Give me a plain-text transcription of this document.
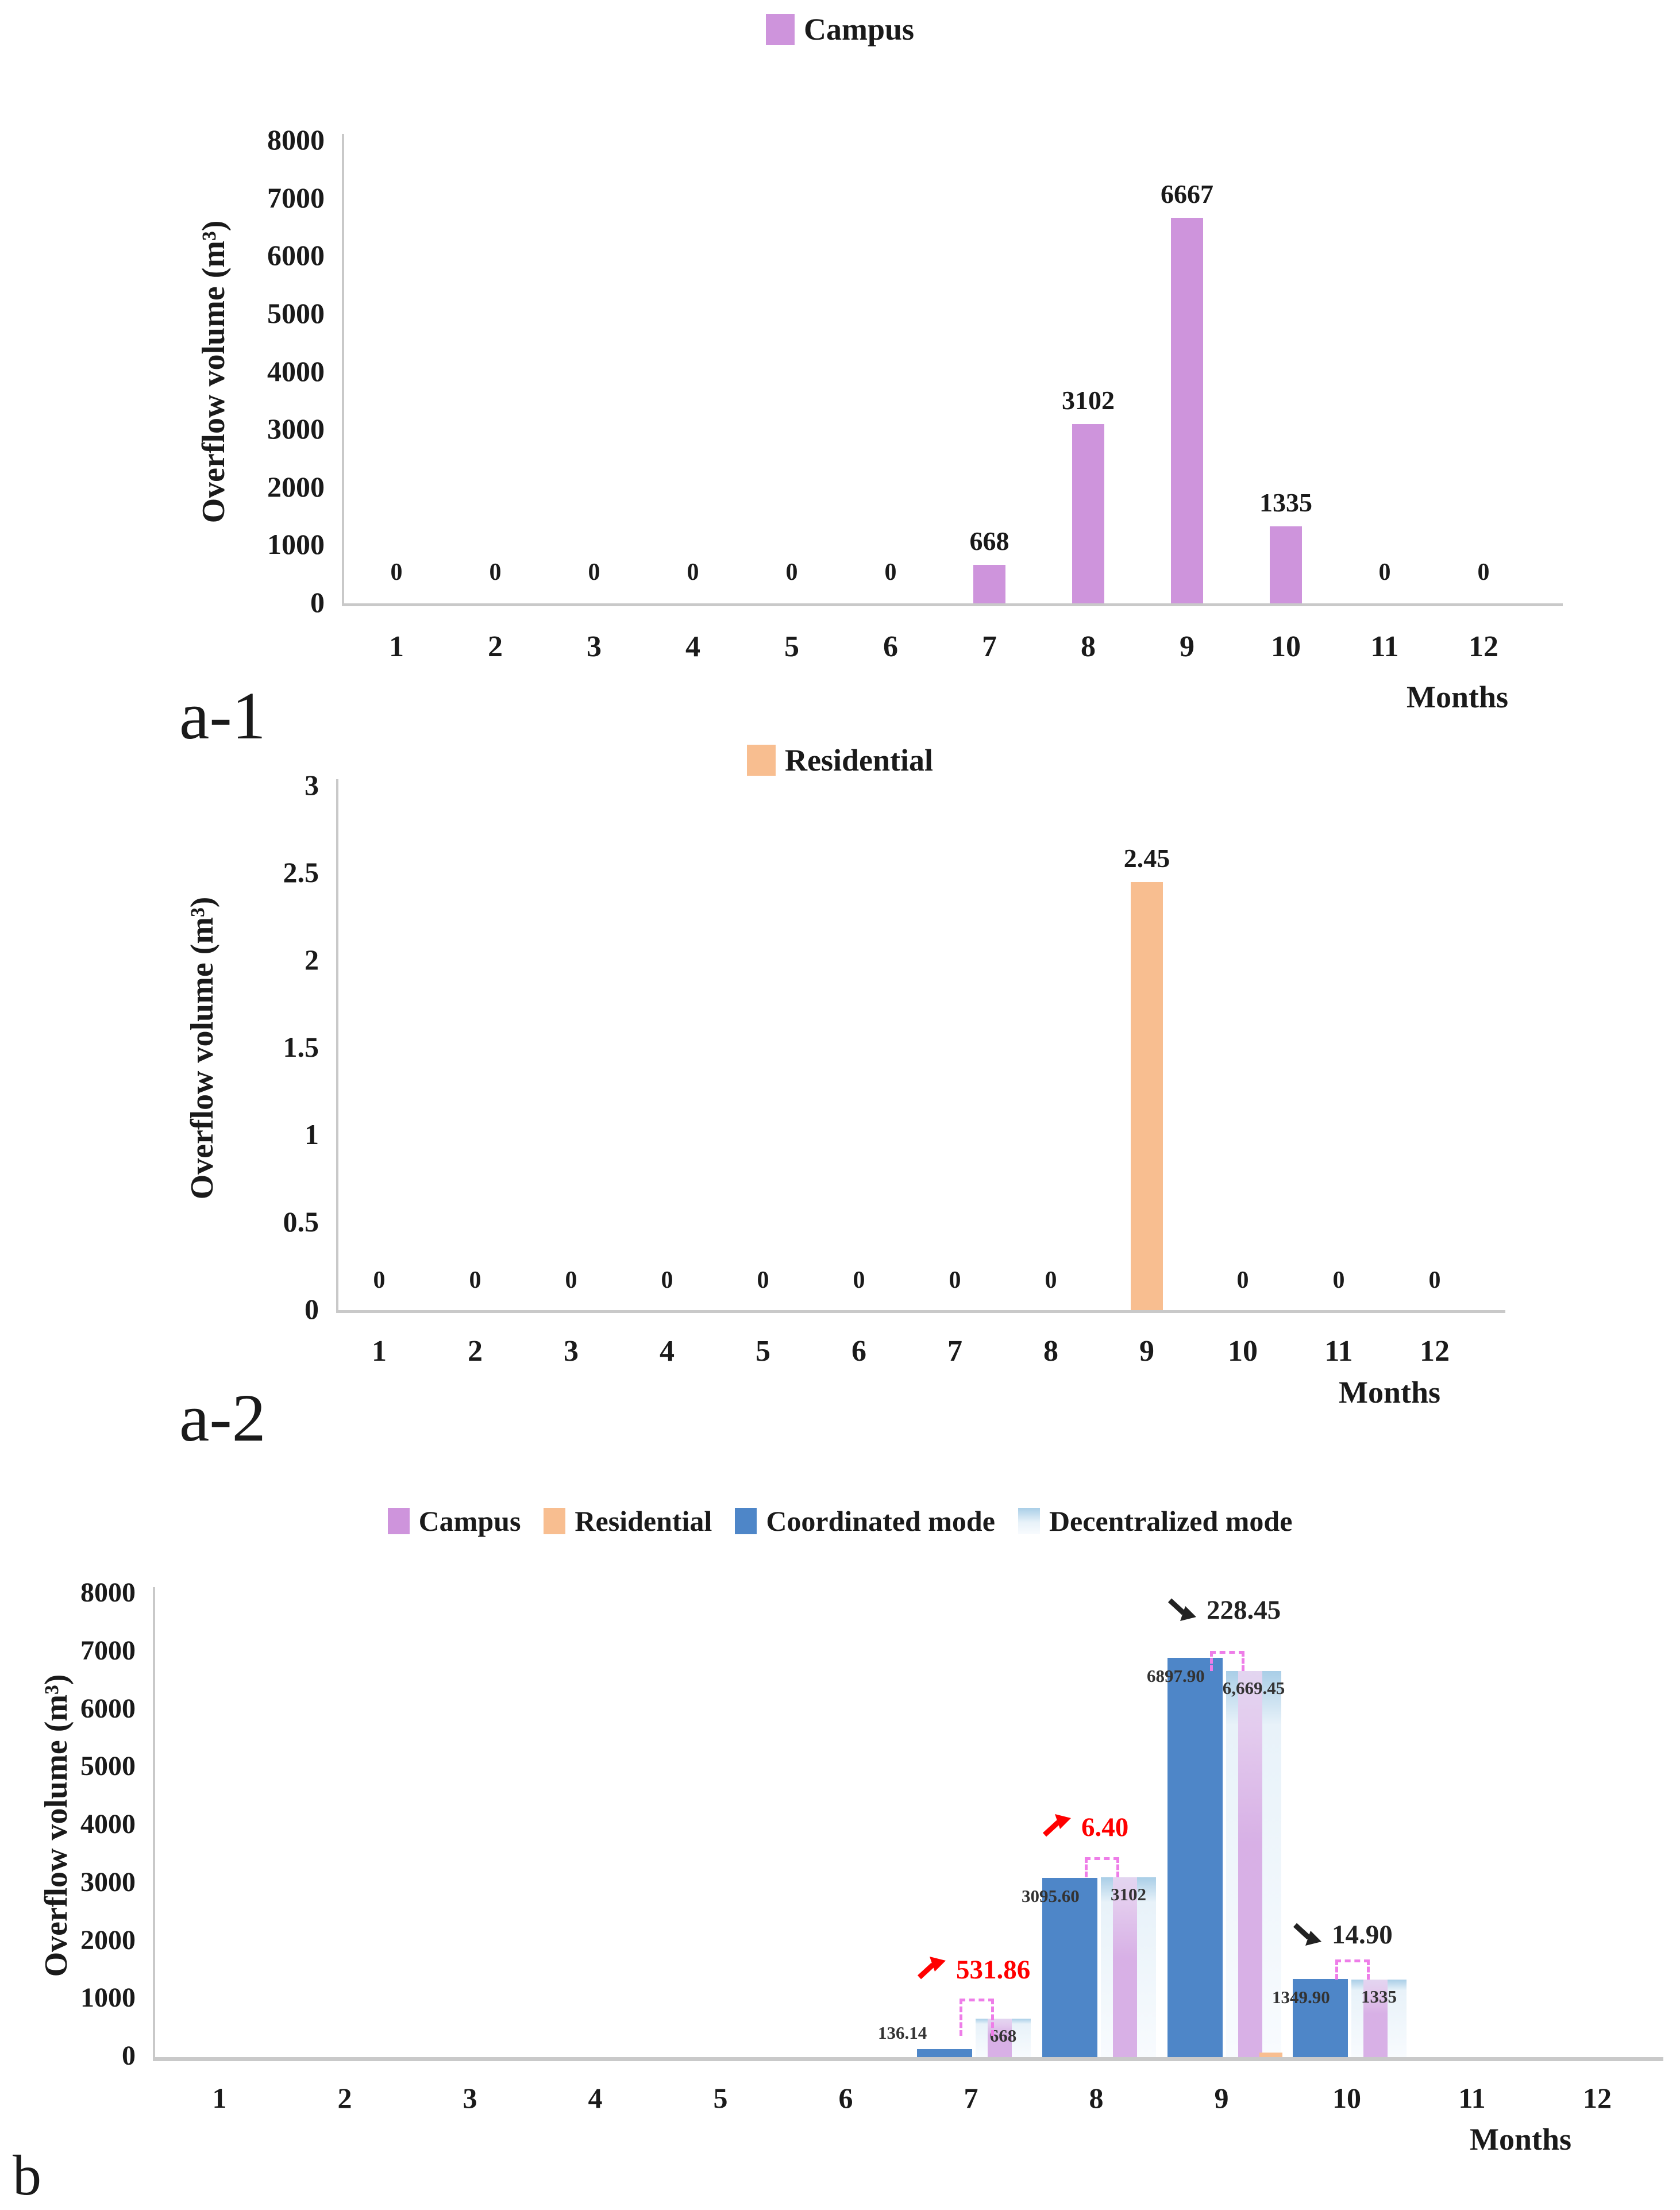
Campus
Overflow volume (m³)
Months
a-1
8000
7000
6000
5000
4000
3000
2000
1000
0
1	2	3	4	5	6	7	8	9	10	11	12
0	0	0	0	0	0
668
3102
6667
1335
0	0
Residential
Overflow volume (m³)
Months
a-2
3
2.5
2
1.5
1
0.5
0
1	2	3	4	5	6	7	8	9	10	11	12
0	0	0	0	0	0	0	0
2.45
0	0	0
Campus Residential Coordinated mode Decentralized mode
Overflow volume (m³)
Months
b
8000
7000
6000
5000
4000
3000
2000
1000
0
1	2	3	4	5	6	7	8	9	10	11	12
136.14	668
3095.60	3102
6897.90
6,669.45
1349.90	1335
531.86
6.40
228.45
14.90
